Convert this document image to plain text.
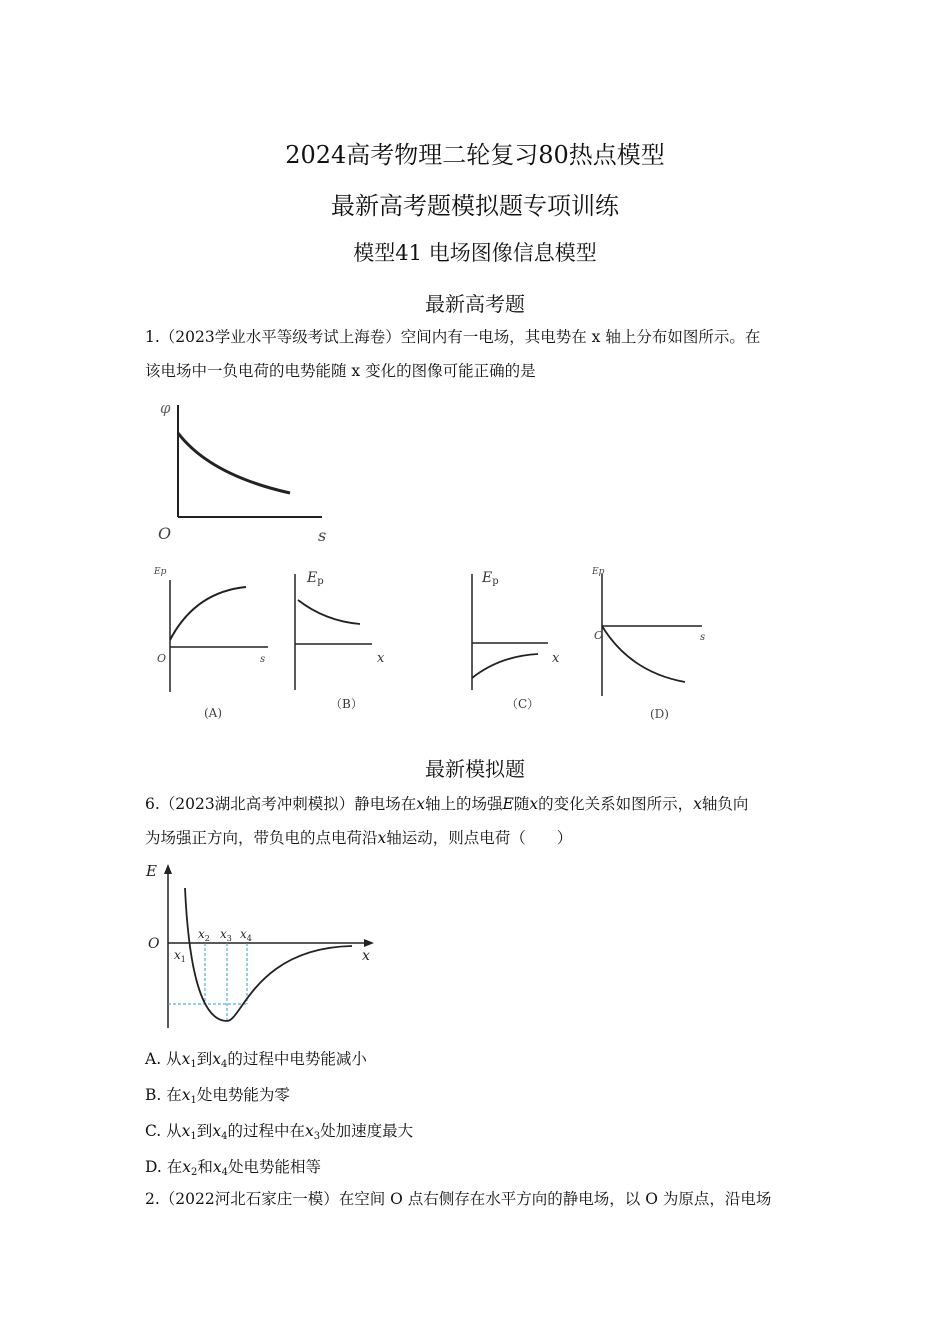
2024高考物理二轮复习80热点模型
最新高考题模拟题专项训练
模型41 电场图像信息模型
最新高考题
1.（2023学业水平等级考试上海卷）空间内有一电场，其电势在 x 轴上分布如图所示。在
该电场中一负电荷的电势能随 x 变化的图像可能正确的是
φ
s
O
Ep
s
O
(A)
Ep
x
（B）
Ep
x
（C）
Ep
s
O
(D)
最新模拟题
6.（2023湖北高考冲刺模拟）静电场在x轴上的场强E随x的变化关系如图所示，x轴负向
为场强正方向，带负电的点电荷沿x轴运动，则点电荷（　　）
E
x
O
$x_1$
$x_2$ $x_3$ $x_4$
A. 从$x_1$到$x_4$的过程中电势能减小
B. 在$x_1$处电势能为零
C. 从$x_1$到$x_4$的过程中在$x_3$处加速度最大
D. 在$x_2$和$x_4$处电势能相等
2.（2022河北石家庄一模）在空间 O 点右侧存在水平方向的静电场，以 O 为原点，沿电场
